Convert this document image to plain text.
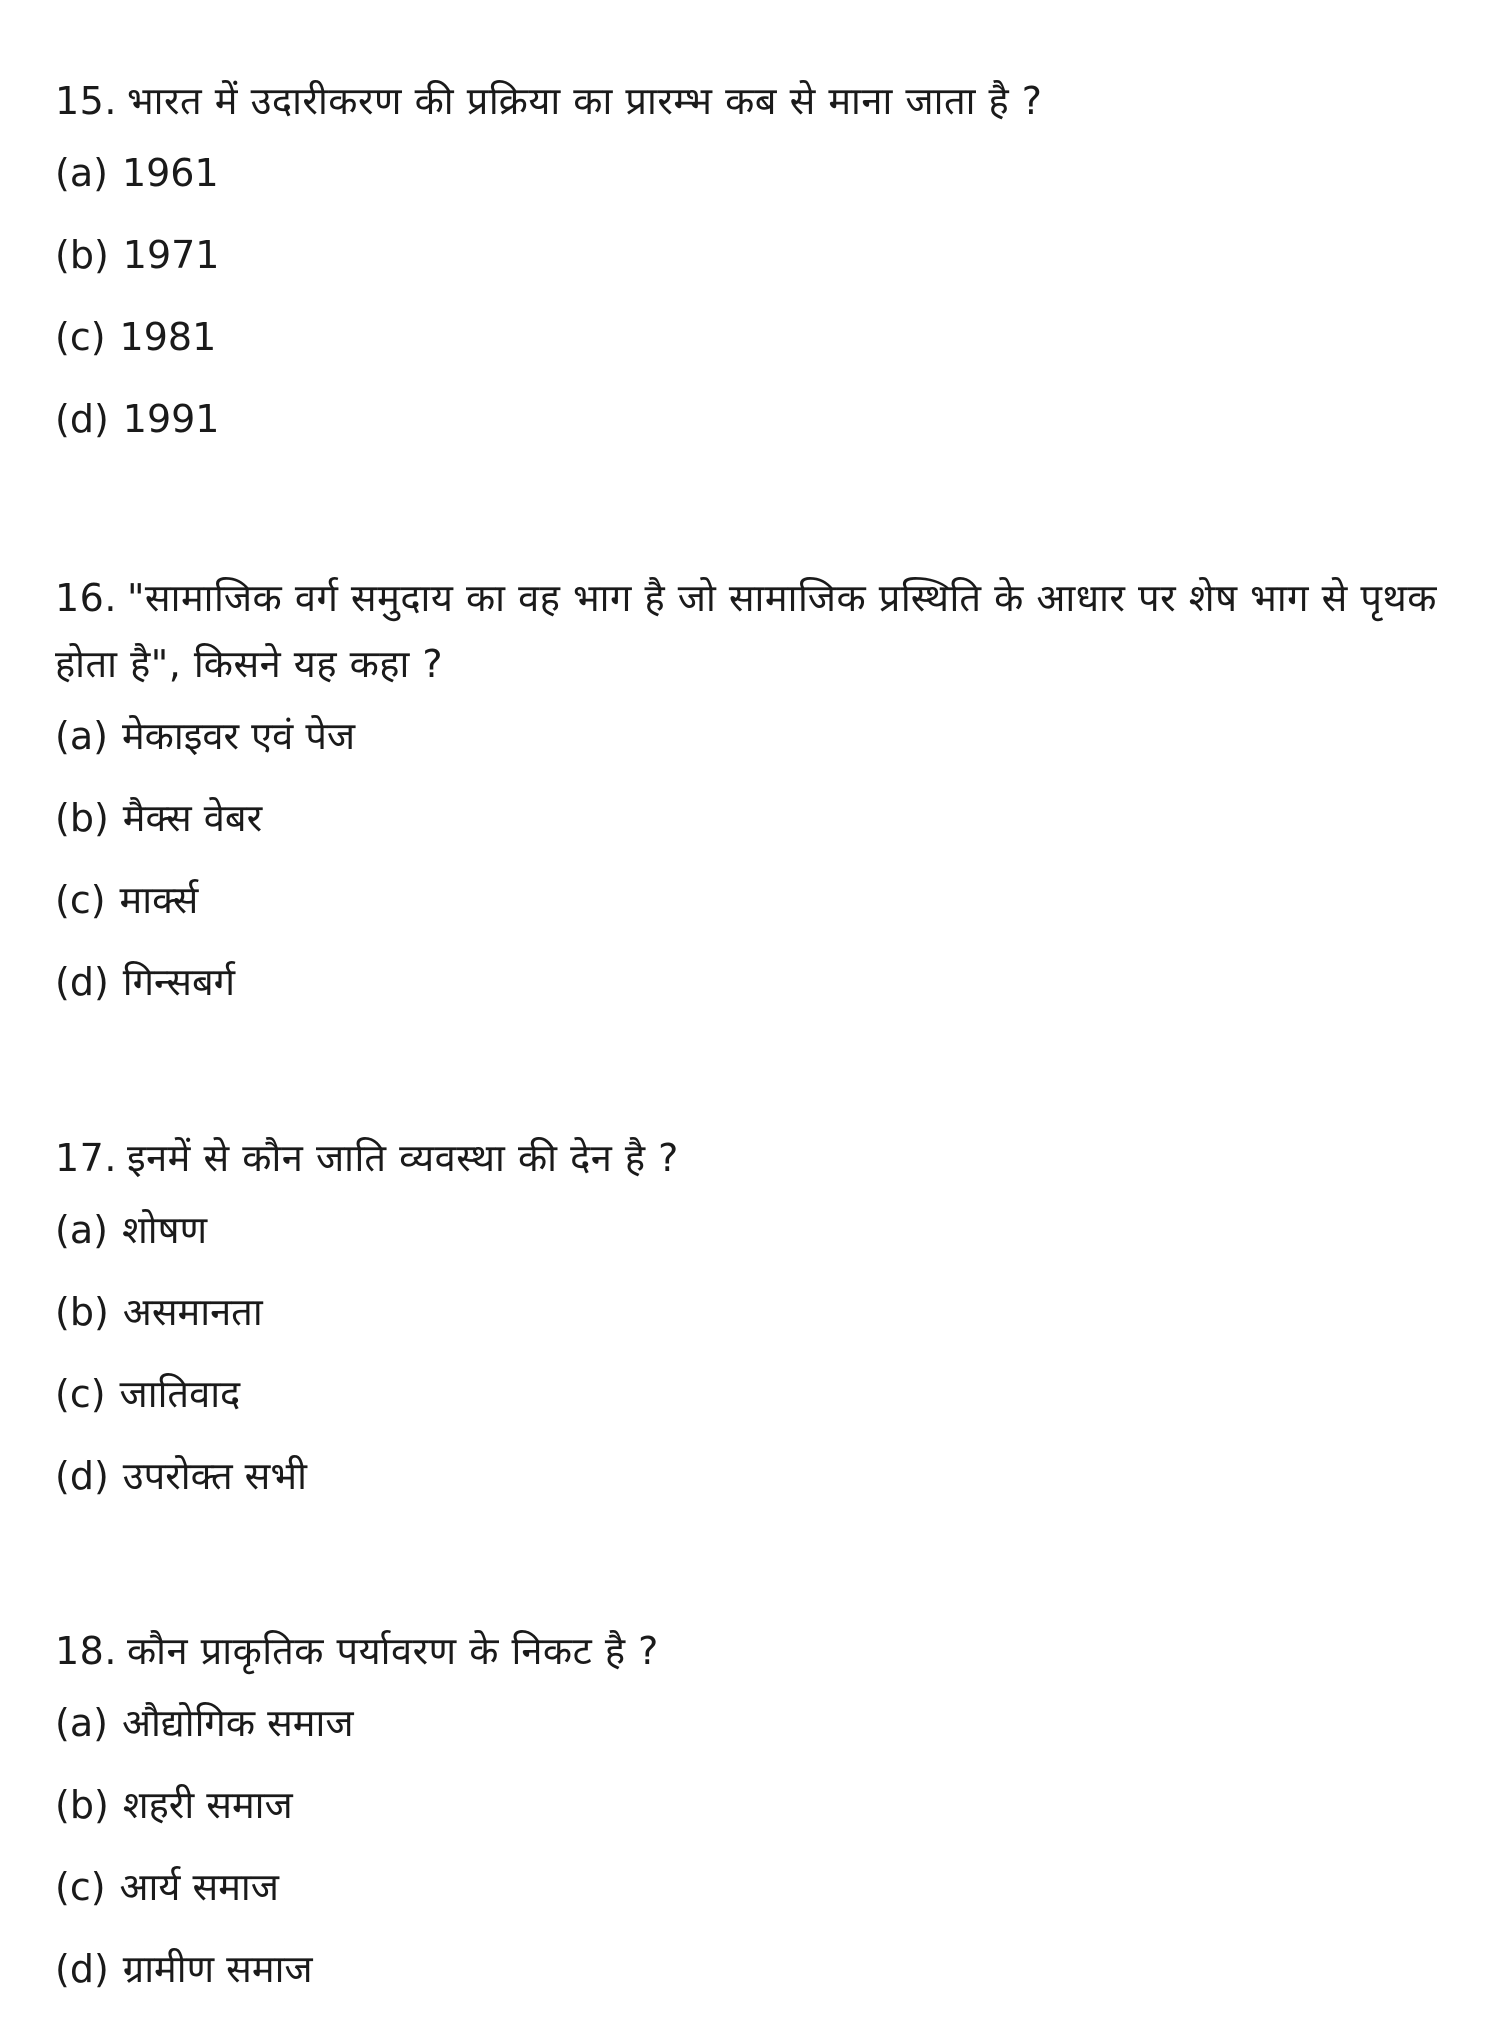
15. भारत में उदारीकरण की प्रक्रिया का प्रारम्भ कब से माना जाता है ?

(a) 1961
(b) 1971
(c) 1981
(d) 1991

16. "सामाजिक वर्ग समुदाय का वह भाग है जो सामाजिक प्रस्थिति के आधार पर शेष भाग से पृथक होता है", किसने यह कहा ?

(a) मेकाइवर एवं पेज
(b) मैक्स वेबर
(c) मार्क्स
(d) गिन्सबर्ग

17. इनमें से कौन जाति व्यवस्था की देन है ?

(a) शोषण
(b) असमानता
(c) जातिवाद
(d) उपरोक्त सभी

18. कौन प्राकृतिक पर्यावरण के निकट है ?

(a) औद्योगिक समाज
(b) शहरी समाज
(c) आर्य समाज
(d) ग्रामीण समाज
